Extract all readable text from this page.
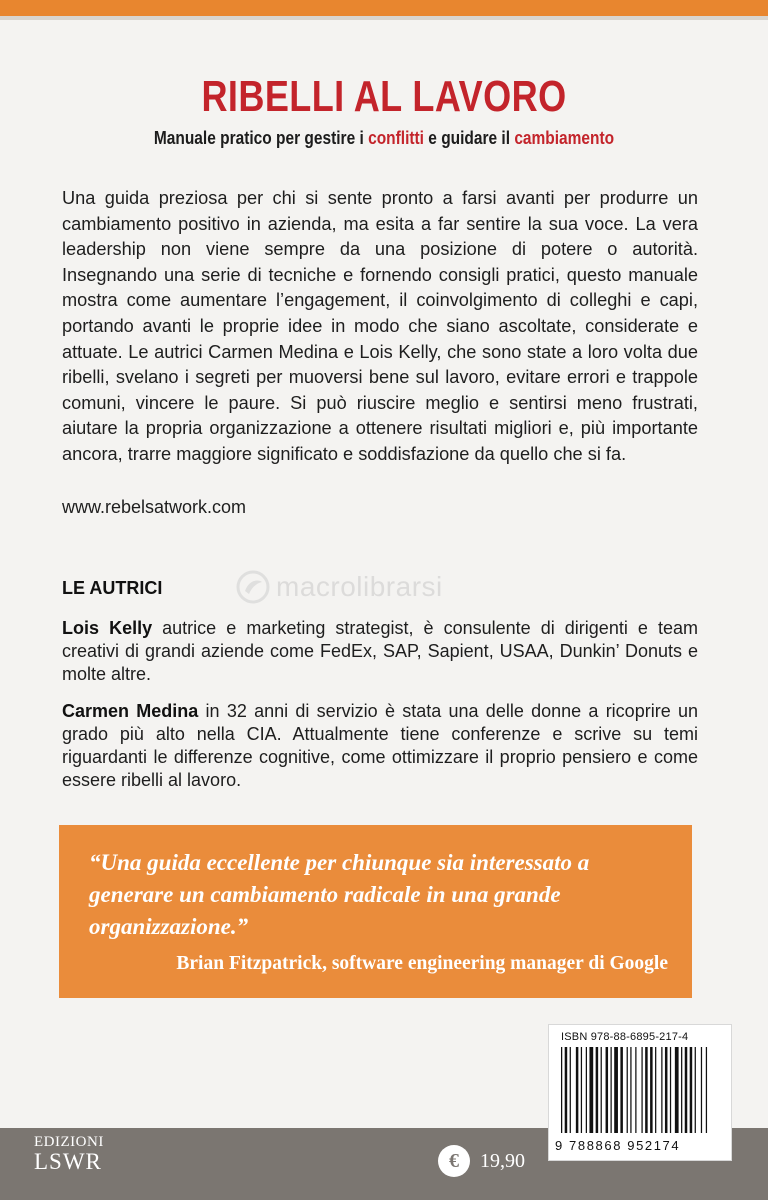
RIBELLI AL LAVORO
Manuale pratico per gestire i conflitti e guidare il cambiamento

Una guida preziosa per chi si sente pronto a farsi avanti per produrre un cambiamento positivo in azienda, ma esita a far sentire la sua voce. La vera leadership non viene sempre da una posizione di potere o autorità. Insegnando una serie di tecniche e fornendo consigli pratici, questo manuale mostra come aumentare l’engagement, il coinvolgimento di colleghi e capi, portando avanti le proprie idee in modo che siano ascoltate, considerate e attuate. Le autrici Carmen Medina e Lois Kelly, che sono state a loro volta due ribelli, svelano i segreti per muoversi bene sul lavoro, evitare errori e trappole comuni, vincere le paure. Si può riuscire meglio e sentirsi meno frustrati, aiutare la propria organizzazione a ottenere risultati migliori e, più importante ancora, trarre maggiore significato e soddisfazione da quello che si fa.

www.rebelsatwork.com
macrolibrarsi
LE AUTRICI

Lois Kelly autrice e marketing strategist, è consulente di dirigenti e team creativi di grandi aziende come FedEx, SAP, Sapient, USAA, Dunkin’ Donuts e molte altre.

Carmen Medina in 32 anni di servizio è stata una delle donne a ricoprire un grado più alto nella CIA. Attualmente tiene conferenze e scrive su temi riguardanti le differenze cognitive, come ottimizzare il proprio pensiero e come essere ribelli al lavoro.

“Una guida eccellente per chiunque sia interessato a generare un cambiamento radicale in una grande organizzazione.”

Brian Fitzpatrick, software engineering manager di Google
EDIZIONI
LSWR	€	19,90
ISBN 978-88-6895-217-4
9 788868 952174
